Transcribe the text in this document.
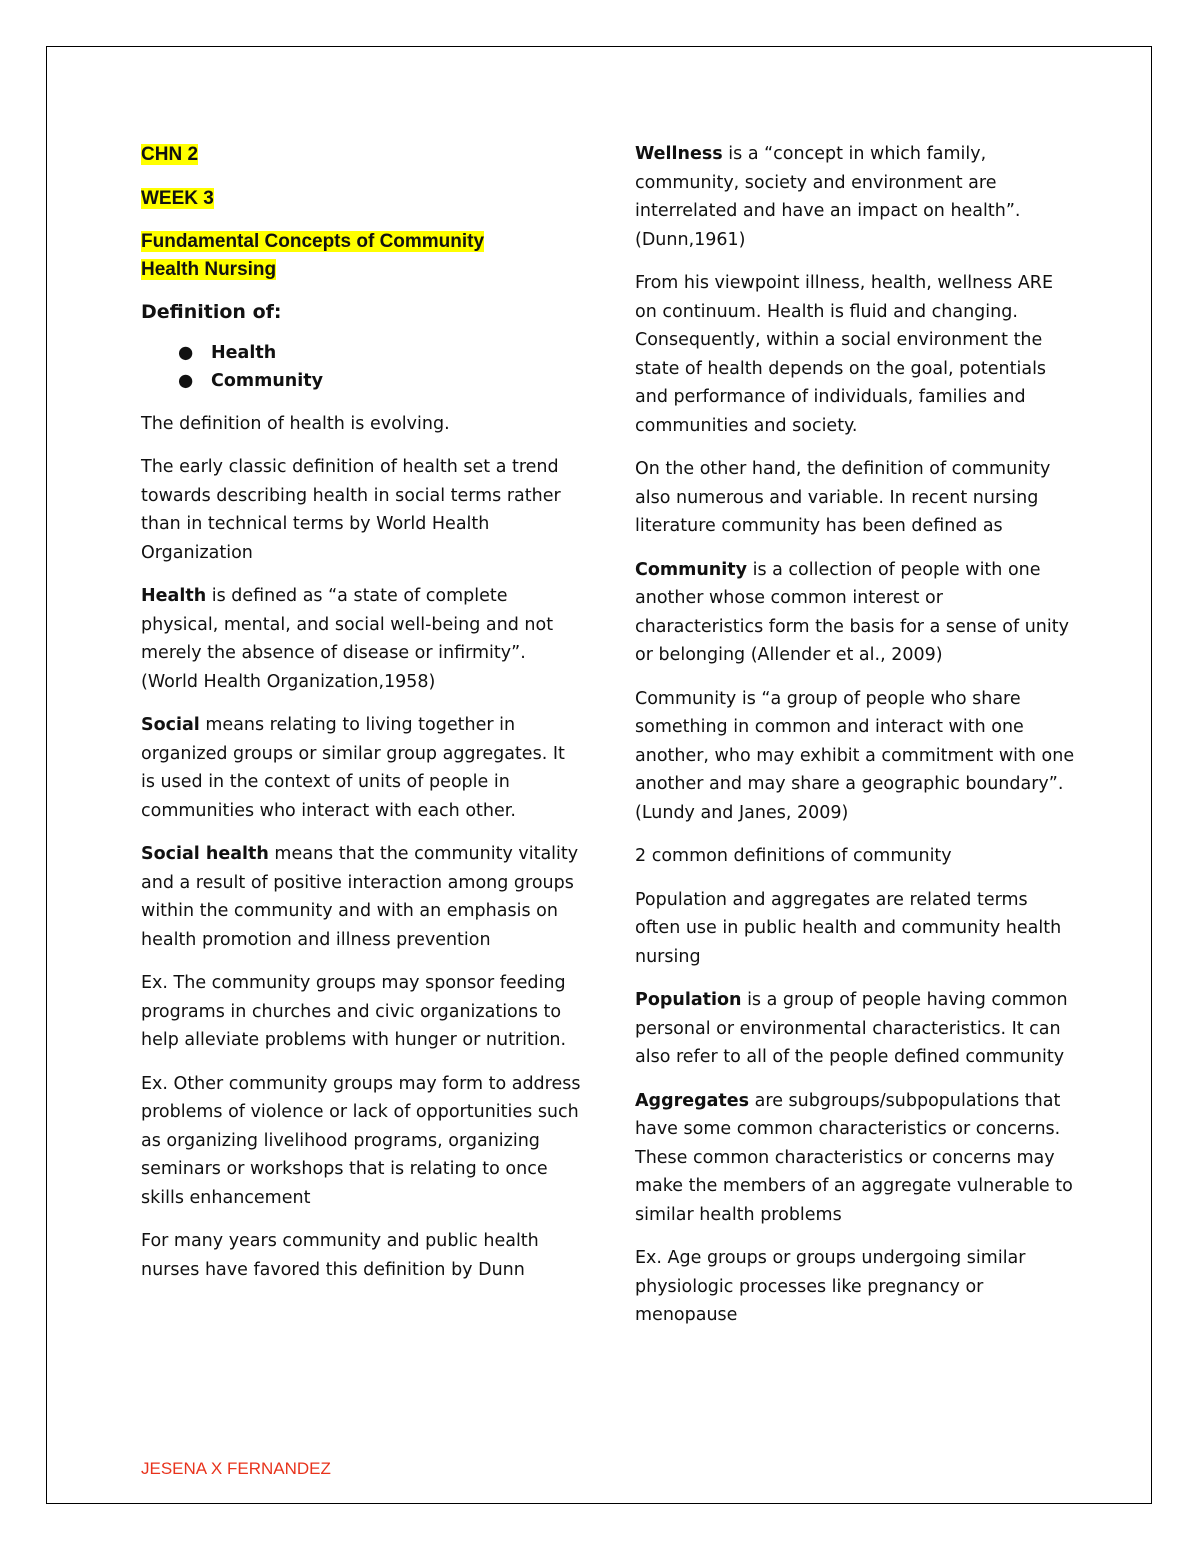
CHN 2
WEEK 3
Fundamental Concepts of Community
Health Nursing
Definition of:
● Health
● Community

The definition of health is evolving.

The early classic definition of health set a trend towards describing health in social terms rather than in technical terms by World Health Organization

Health is defined as “a state of complete physical, mental, and social well-being and not merely the absence of disease or infirmity”. (World Health Organization,1958)

Social means relating to living together in organized groups or similar group aggregates. It is used in the context of units of people in communities who interact with each other.

Social health means that the community vitality and a result of positive interaction among groups within the community and with an emphasis on health promotion and illness prevention

Ex. The community groups may sponsor feeding programs in churches and civic organizations to help alleviate problems with hunger or nutrition.

Ex. Other community groups may form to address problems of violence or lack of opportunities such as organizing livelihood programs, organizing seminars or workshops that is relating to once skills enhancement

For many years community and public health nurses have favored this definition by Dunn

Wellness is a “concept in which family, community, society and environment are interrelated and have an impact on health”. (Dunn,1961)

From his viewpoint illness, health, wellness ARE on continuum. Health is fluid and changing. Consequently, within a social environment the state of health depends on the goal, potentials and performance of individuals, families and communities and society.

On the other hand, the definition of community also numerous and variable. In recent nursing literature community has been defined as

Community is a collection of people with one another whose common interest or characteristics form the basis for a sense of unity or belonging (Allender et al., 2009)

Community is “a group of people who share something in common and interact with one another, who may exhibit a commitment with one another and may share a geographic boundary”. (Lundy and Janes, 2009)

2 common definitions of community

Population and aggregates are related terms often use in public health and community health nursing

Population is a group of people having common personal or environmental characteristics. It can also refer to all of the people defined community

Aggregates are subgroups/subpopulations that have some common characteristics or concerns. These common characteristics or concerns may make the members of an aggregate vulnerable to similar health problems

Ex. Age groups or groups undergoing similar physiologic processes like pregnancy or menopause

JESENA X FERNANDEZ
